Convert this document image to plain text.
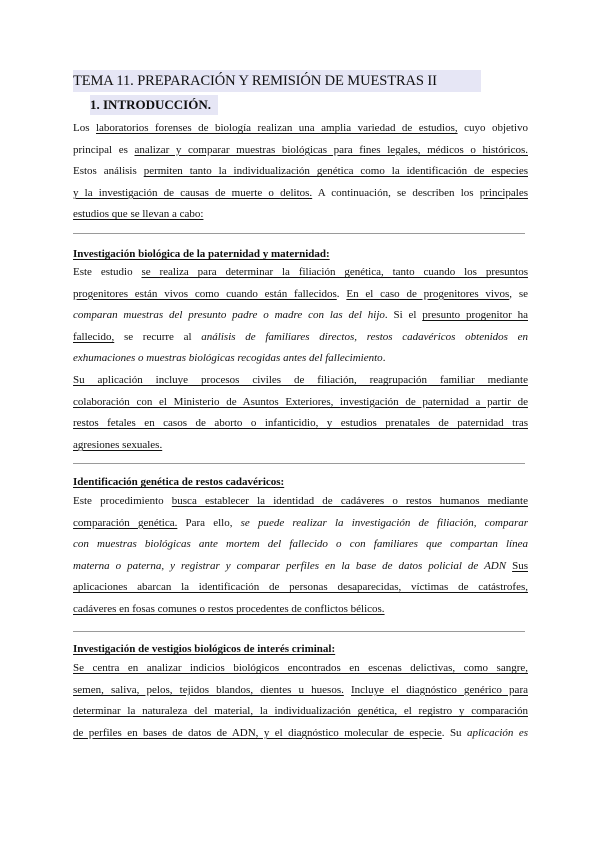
TEMA 11. PREPARACIÓN Y REMISIÓN DE MUESTRAS II
1. INTRODUCCIÓN.
Los laboratorios forenses de biología realizan una amplia variedad de estudios, cuyo objetivo
principal es analizar y comparar muestras biológicas para fines legales, médicos o históricos.
Estos análisis permiten tanto la individualización genética como la identificación de especies
y la investigación de causas de muerte o delitos. A continuación, se describen los principales
estudios que se llevan a cabo:
Investigación biológica de la paternidad y maternidad:
Este estudio se realiza para determinar la filiación genética, tanto cuando los presuntos
progenitores están vivos como cuando están fallecidos. En el caso de progenitores vivos, se
comparan muestras del presunto padre o madre con las del hijo. Si el presunto progenitor ha
fallecido, se recurre al análisis de familiares directos, restos cadavéricos obtenidos en
exhumaciones o muestras biológicas recogidas antes del fallecimiento.
Su aplicación incluye procesos civiles de filiación, reagrupación familiar mediante
colaboración con el Ministerio de Asuntos Exteriores, investigación de paternidad a partir de
restos fetales en casos de aborto o infanticidio, y estudios prenatales de paternidad tras
agresiones sexuales.
Identificación genética de restos cadavéricos:
Este procedimiento busca establecer la identidad de cadáveres o restos humanos mediante
comparación genética. Para ello, se puede realizar la investigación de filiación, comparar
con muestras biológicas ante mortem del fallecido o con familiares que compartan línea
materna o paterna, y registrar y comparar perfiles en la base de datos policial de ADN Sus
aplicaciones abarcan la identificación de personas desaparecidas, víctimas de catástrofes,
cadáveres en fosas comunes o restos procedentes de conflictos bélicos.
Investigación de vestigios biológicos de interés criminal:
Se centra en analizar indicios biológicos encontrados en escenas delictivas, como sangre,
semen, saliva, pelos, tejidos blandos, dientes u huesos. Incluye el diagnóstico genérico para
determinar la naturaleza del material, la individualización genética, el registro y comparación
de perfiles en bases de datos de ADN, y el diagnóstico molecular de especie. Su aplicación es
